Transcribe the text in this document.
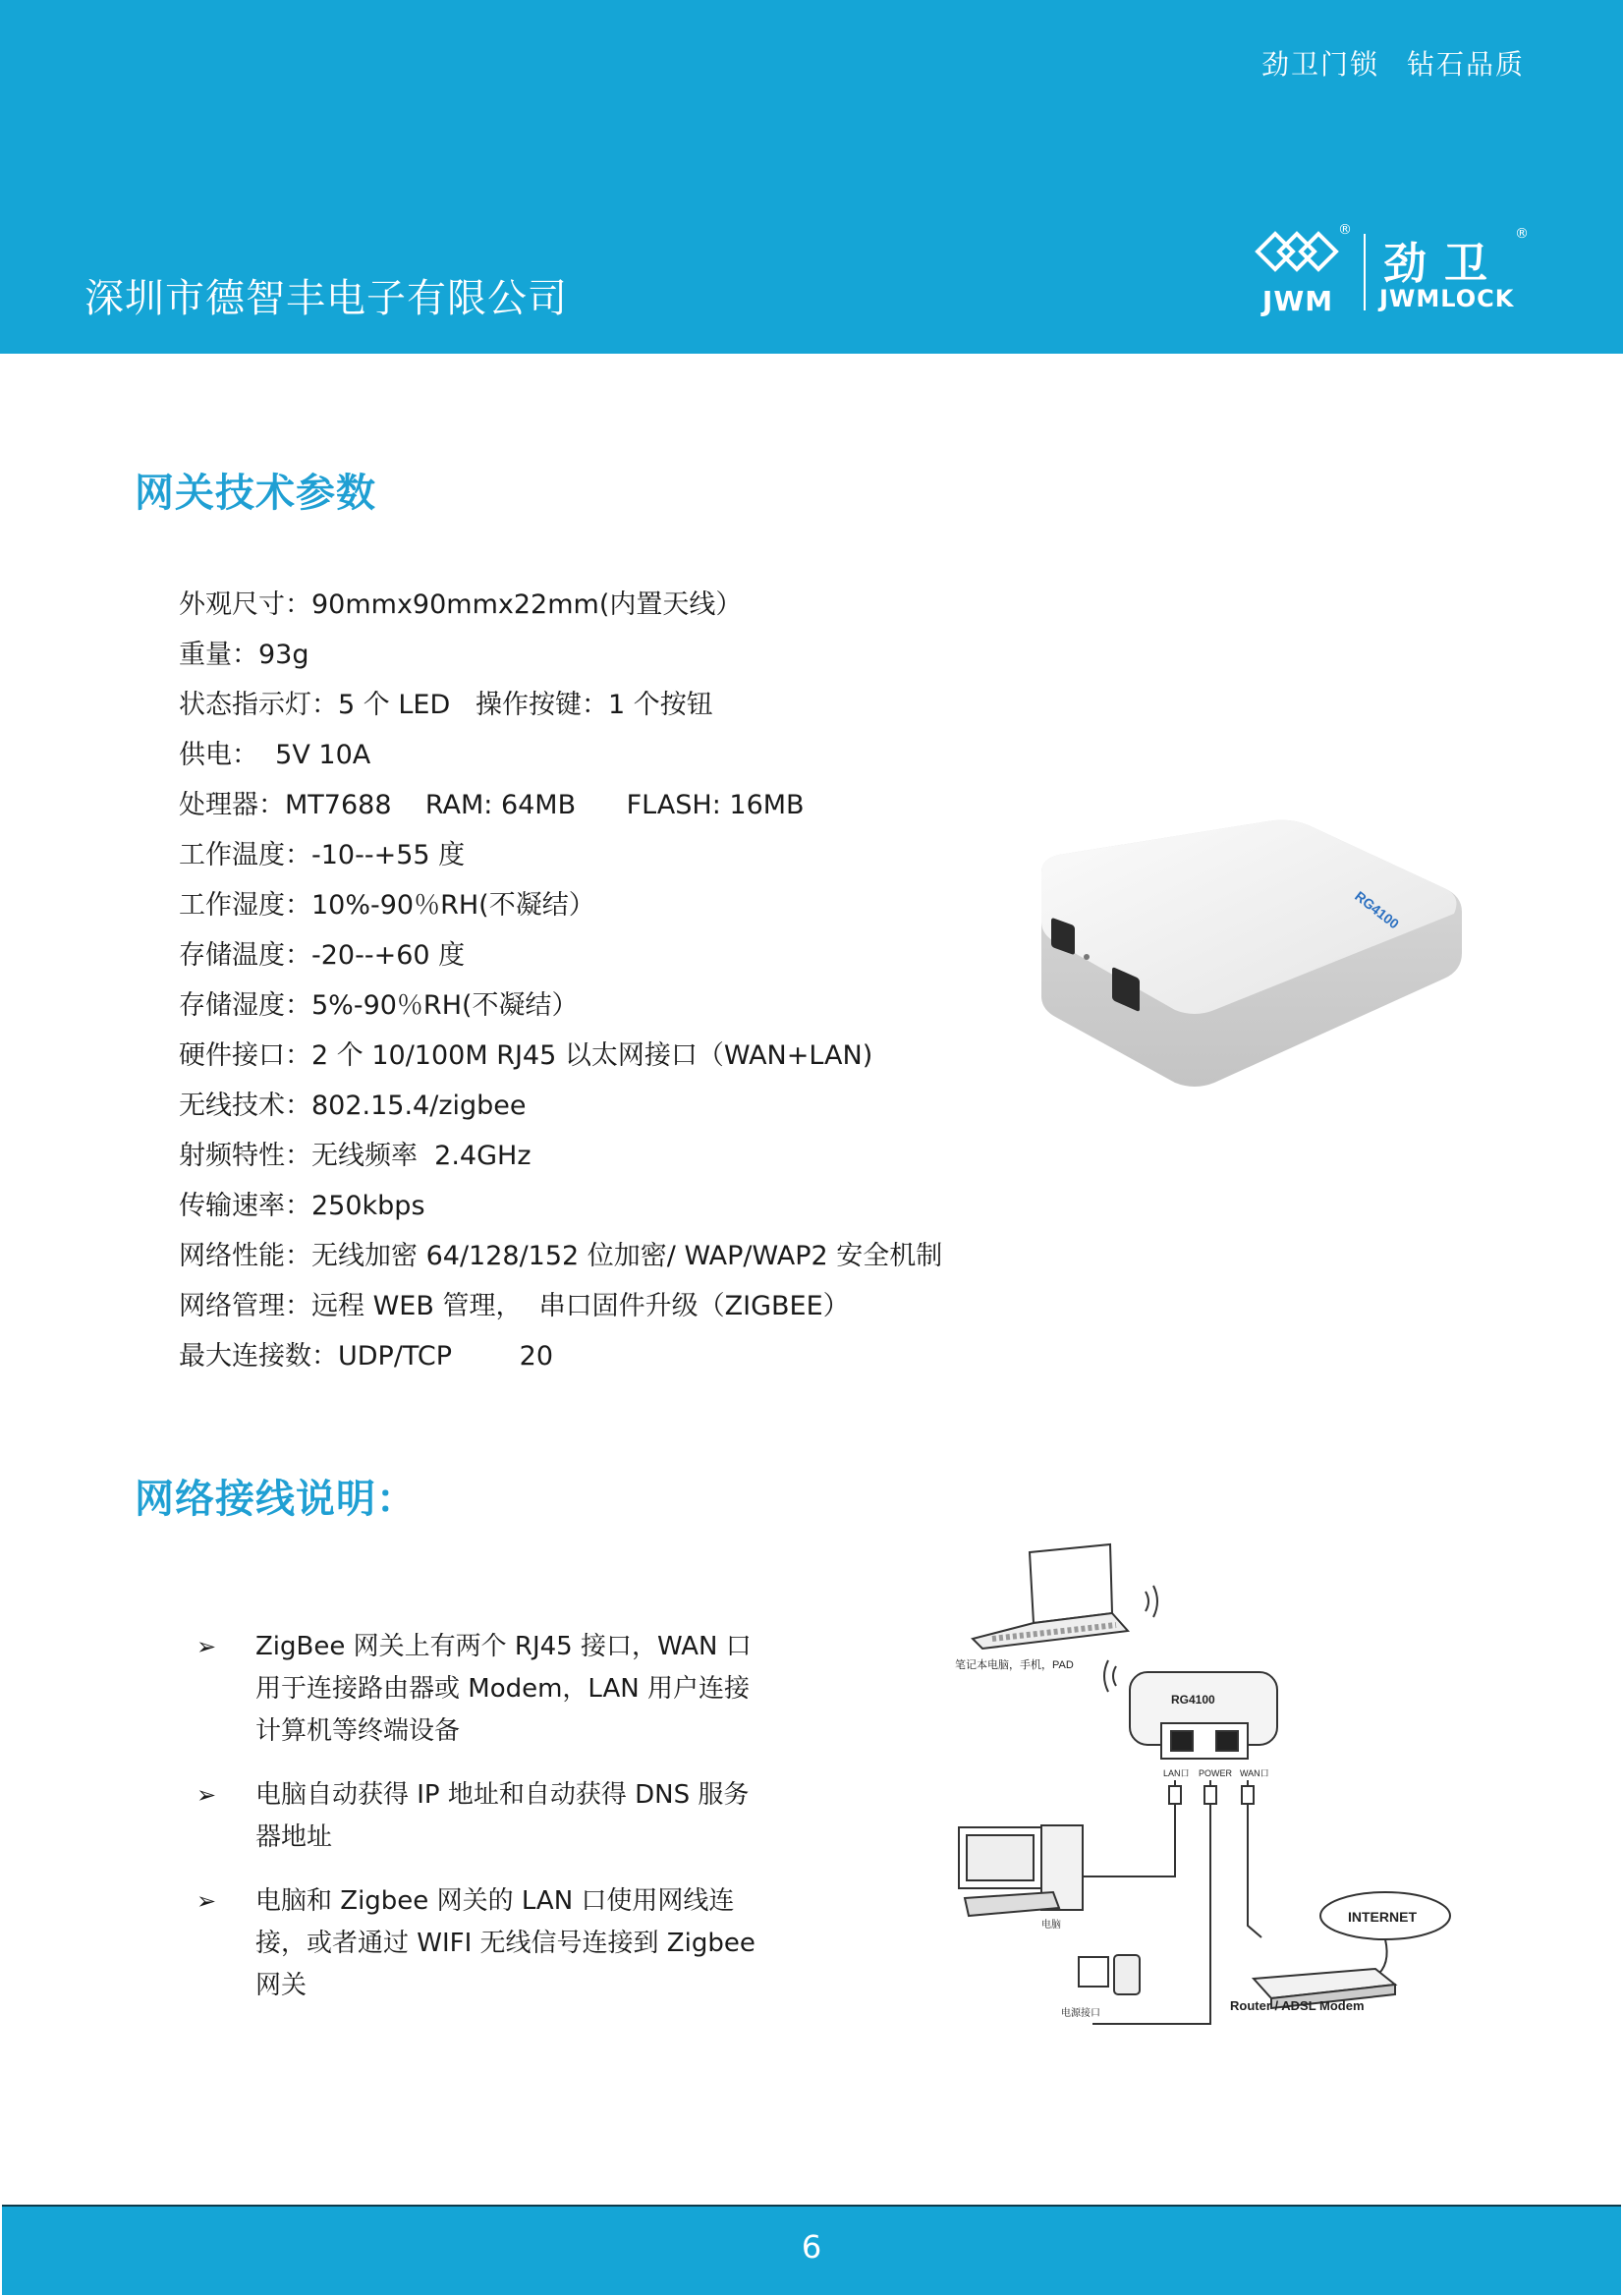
劲卫门锁 钻石品质
深圳市德智丰电子有限公司
®
JWM
劲卫
®
JWMLOCK
网关技术参数
外观尺寸：90mmx90mmx22mm(内置天线）
重量：93g
状态指示灯：5 个 LED   操作按键：1 个按钮
供电：  5V 10A
处理器：MT7688    RAM: 64MB      FLASH: 16MB
工作温度：-10--+55 度
工作湿度：10%-90％RH(不凝结）
存储温度：-20--+60 度
存储湿度：5%-90％RH(不凝结）
硬件接口：2 个 10/100M RJ45 以太网接口（WAN+LAN)
无线技术：802.15.4/zigbee
射频特性：无线频率  2.4GHz
传输速率：250kbps
网络性能：无线加密 64/128/152 位加密/ WAP/WAP2 安全机制
网络管理：远程 WEB 管理，  串口固件升级（ZIGBEE）
最大连接数：UDP/TCP        20
RG4100
网络接线说明：
➢ ZigBee 网关上有两个 RJ45 接口，WAN 口用于连接路由器或 Modem，LAN 用户连接计算机等终端设备
➢ 电脑自动获得 IP 地址和自动获得 DNS 服务器地址
➢ 电脑和 Zigbee 网关的 LAN 口使用网线连接，或者通过 WIFI 无线信号连接到 Zigbee 网关
笔记本电脑，手机，PAD
RG4100
LAN口 POWER WAN口
电脑
电源接口
INTERNET
Router / ADSL Modem
6
